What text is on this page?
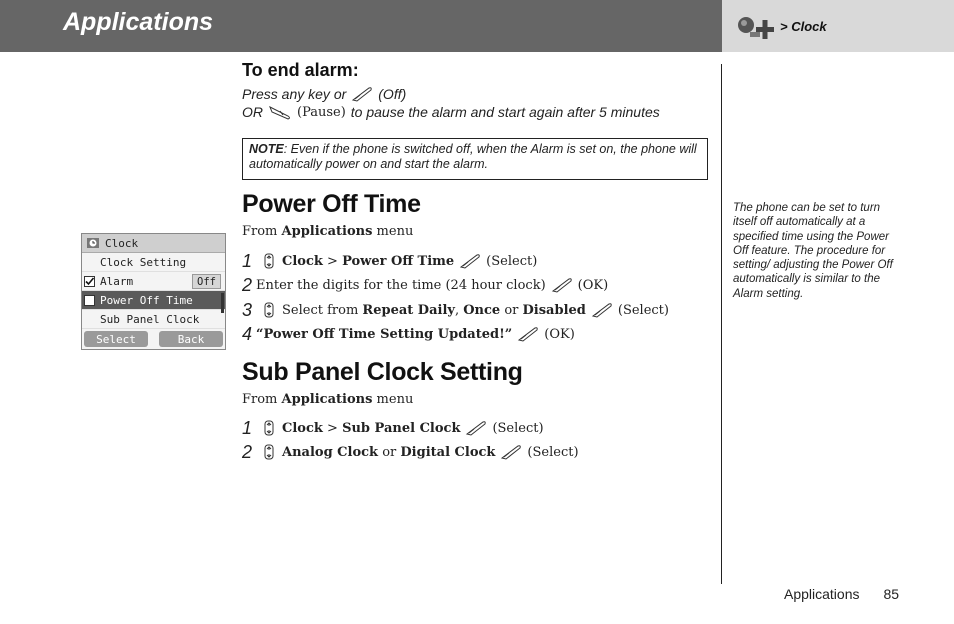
Applications	> Clock
To end alarm:
Press any key or (Off)
OR	(Pause) to pause the alarm and start again after 5 minutes
NOTE: Even if the phone is switched off, when the Alarm is set on, the phone will automatically power on and start the alarm.
Power Off Time
From Applications menu
1	Clock
>
Power Off Time (Select)
2 Enter the digits for the time (24 hour clock) (OK)
3	Select from
Repeat Daily ,
Once
or
Disabled (Select)
4 “Power Off Time Setting Updated!” (OK)
Sub Panel Clock Setting
From Applications menu
1	Clock
>
Sub Panel Clock (Select)
2	Analog Clock
or
Digital Clock (Select)
Clock
Clock Setting
Alarm	Off
Power Off Time
Sub Panel Clock
Select	Back
The phone can be set to turn itself off automatically at a specified time using the Power Off feature. The procedure for setting/ adjusting the Power Off automatically is similar to the Alarm setting.
Applications 85
